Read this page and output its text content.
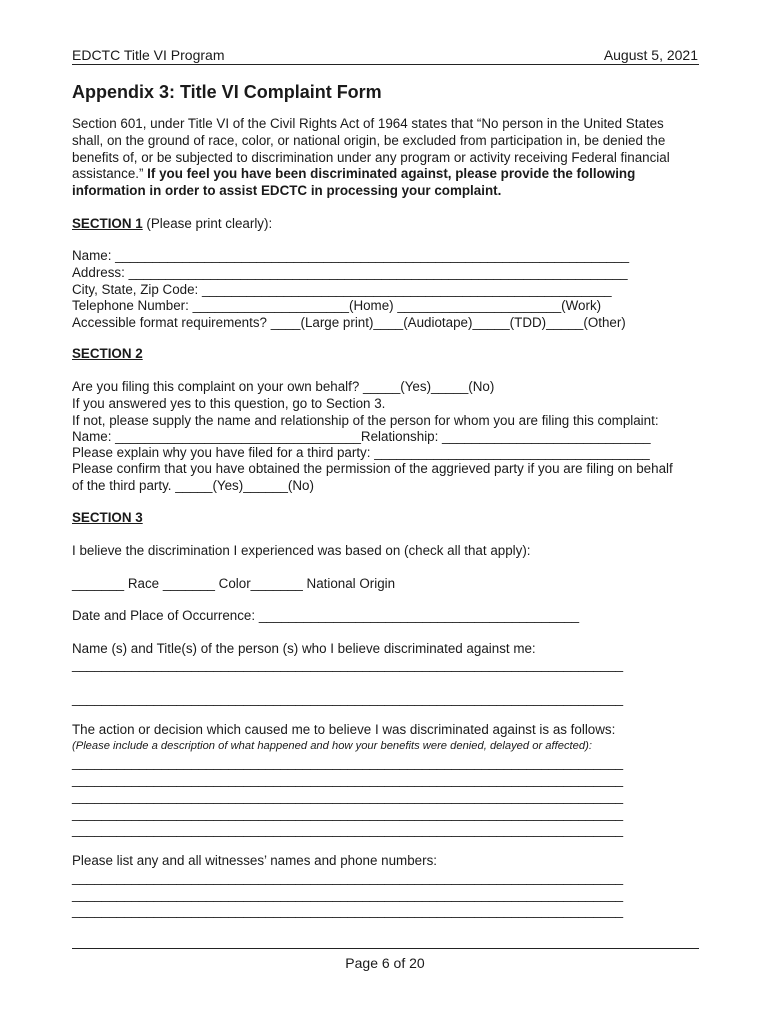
EDCTC Title VI Program	August 5, 2021
Appendix 3: Title VI Complaint Form
Section 601, under Title VI of the Civil Rights Act of 1964 states that “No person in the United States shall, on the ground of race, color, or national origin, be excluded from participation in, be denied the benefits of, or be subjected to discrimination under any program or activity receiving Federal financial assistance.” If you feel you have been discriminated against, please provide the following information in order to assist EDCTC in processing your complaint.
SECTION 1 (Please print clearly):
Name: _____________________________________________________________________
Address: ___________________________________________________________________
City, State, Zip Code: _______________________________________________________
Telephone Number: _____________________(Home) ______________________(Work)
Accessible format requirements? ____(Large print)____(Audiotape)_____(TDD)_____(Other)
SECTION 2
Are you filing this complaint on your own behalf? _____(Yes)_____(No)
If you answered yes to this question, go to Section 3.
If not, please supply the name and relationship of the person for whom you are filing this complaint:
Name: _________________________________Relationship: ____________________________
Please explain why you have filed for a third party: _____________________________________
Please confirm that you have obtained the permission of the aggrieved party if you are filing on behalf
of the third party. _____(Yes)______(No)
SECTION 3
I believe the discrimination I experienced was based on (check all that apply):
_______ Race _______ Color_______ National Origin
Date and Place of Occurrence: ___________________________________________
Name (s) and Title(s) of the person (s) who I believe discriminated against me:
__________________________________________________________________________
__________________________________________________________________________
The action or decision which caused me to believe I was discriminated against is as follows:
(Please include a description of what happened and how your benefits were denied, delayed or affected):
__________________________________________________________________________
__________________________________________________________________________
__________________________________________________________________________
__________________________________________________________________________
__________________________________________________________________________
Please list any and all witnesses’ names and phone numbers:
__________________________________________________________________________
__________________________________________________________________________
__________________________________________________________________________
Page 6 of 20
